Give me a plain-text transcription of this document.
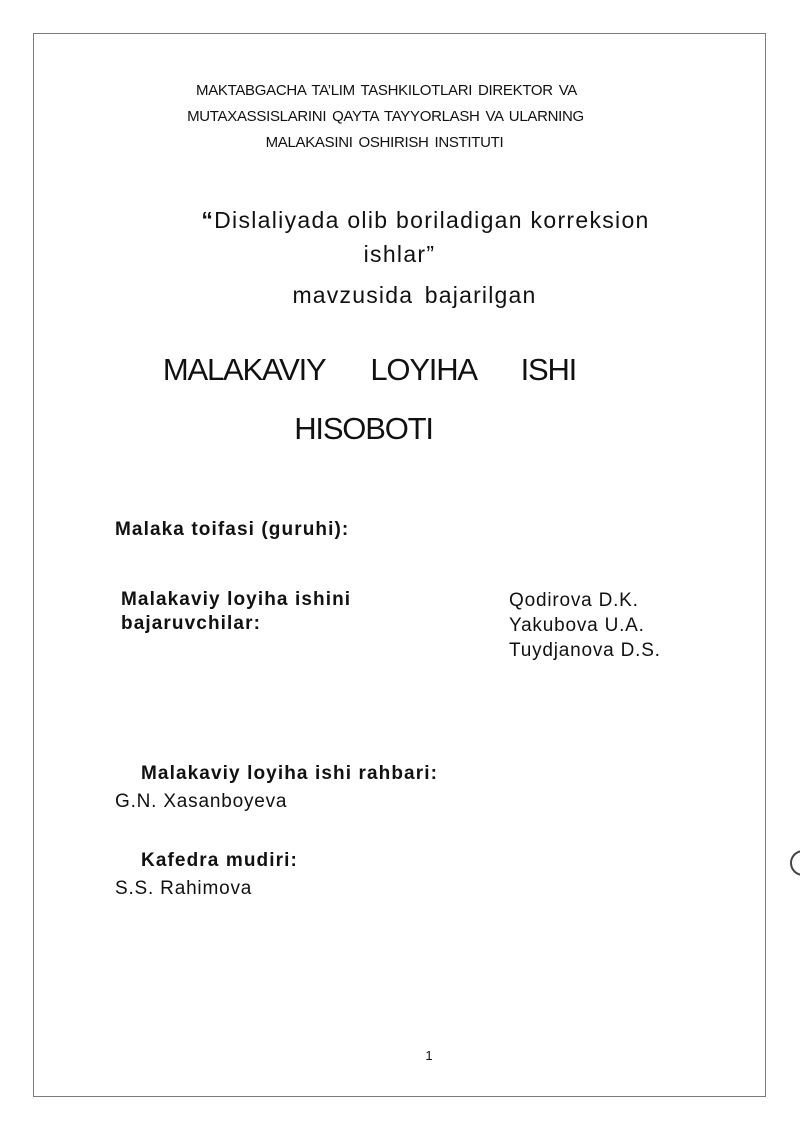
MAKTABGACHA TA’LIM TASHKILOTLARI DIREKTOR VA
MUTAXASSISLARINI QAYTA TAYYORLASH VA ULARNING
MALAKASINI OSHIRISH INSTITUTI
“Dislaliyada olib boriladigan korreksion
ishlar”
mavzusida bajarilgan
MALAKAVIY LOYIHA ISHI
HISOBOTI
Malaka toifasi (guruhi):
Malakaviy loyiha ishini
bajaruvchilar:
Qodirova D.K.
Yakubova U.A.
Tuydjanova D.S.
Malakaviy loyiha ishi rahbari:
G.N. Xasanboyeva
Kafedra mudiri:
S.S. Rahimova
1
